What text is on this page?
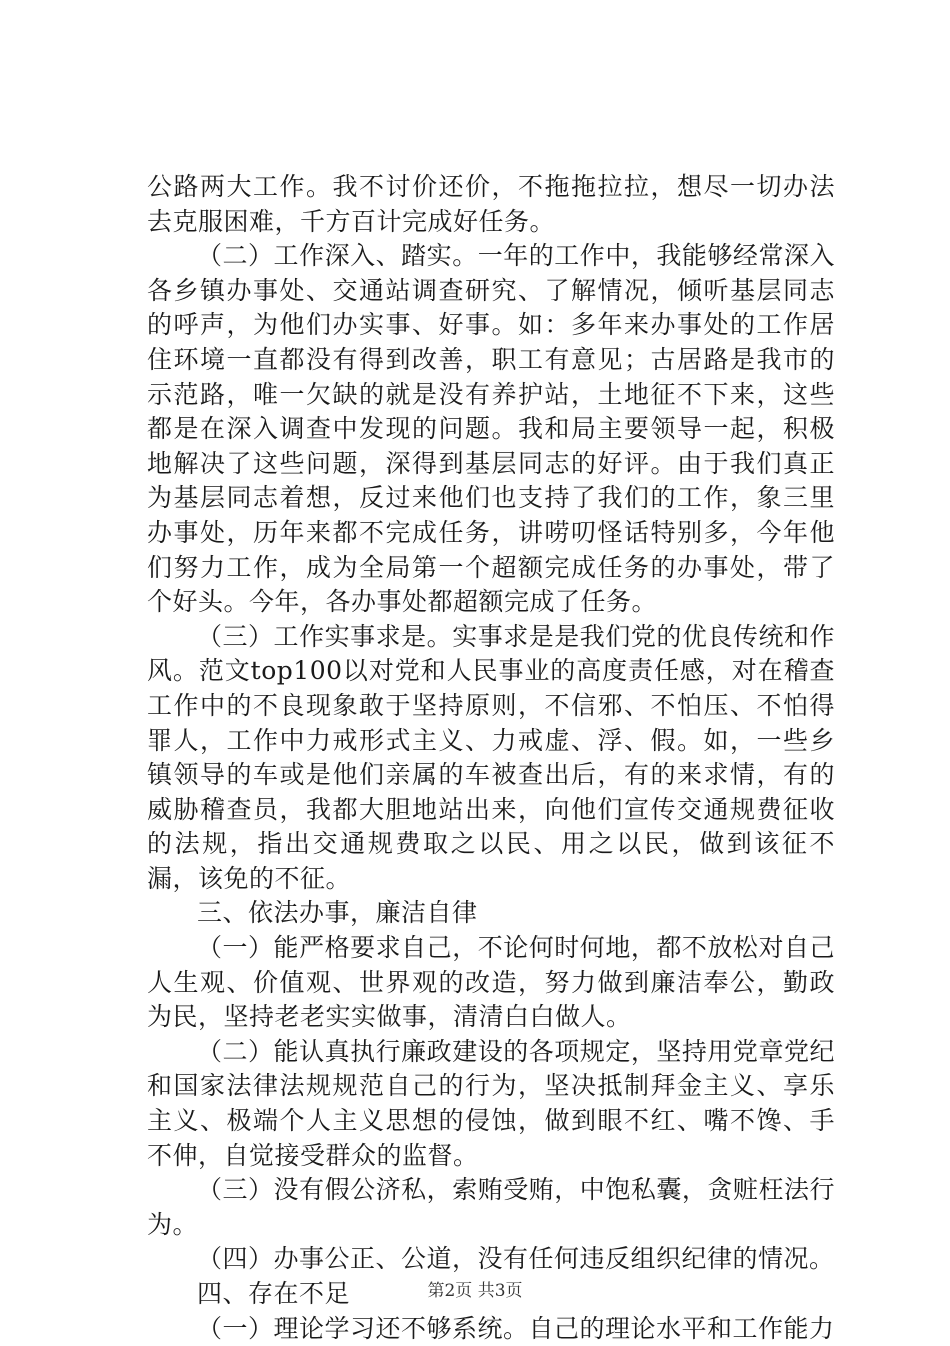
公路两大工作。我不讨价还价，不拖拖拉拉，想尽一切办法去克服困难，千方百计完成好任务。

（二）工作深入、踏实。一年的工作中，我能够经常深入各乡镇办事处、交通站调查研究、了解情况，倾听基层同志的呼声，为他们办实事、好事。如：多年来办事处的工作居住环境一直都没有得到改善，职工有意见；古居路是我市的示范路，唯一欠缺的就是没有养护站，土地征不下来，这些都是在深入调查中发现的问题。我和局主要领导一起，积极地解决了这些问题，深得到基层同志的好评。由于我们真正为基层同志着想，反过来他们也支持了我们的工作，象三里办事处，历年来都不完成任务，讲唠叨怪话特别多，今年他们努力工作，成为全局第一个超额完成任务的办事处，带了个好头。今年，各办事处都超额完成了任务。

（三）工作实事求是。实事求是是我们党的优良传统和作风。范文top100以对党和人民事业的高度责任感，对在稽查工作中的不良现象敢于坚持原则，不信邪、不怕压、不怕得罪人，工作中力戒形式主义、力戒虚、浮、假。如，一些乡镇领导的车或是他们亲属的车被查出后，有的来求情，有的威胁稽查员，我都大胆地站出来，向他们宣传交通规费征收的法规，指出交通规费取之以民、用之以民，做到该征不漏，该免的不征。

三、依法办事，廉洁自律

（一）能严格要求自己，不论何时何地，都不放松对自己人生观、价值观、世界观的改造，努力做到廉洁奉公，勤政为民，坚持老老实实做事，清清白白做人。

（二）能认真执行廉政建设的各项规定，坚持用党章党纪和国家法律法规规范自己的行为，坚决抵制拜金主义、享乐主义、极端个人主义思想的侵蚀，做到眼不红、嘴不馋、手不伸，自觉接受群众的监督。

（三）没有假公济私，索贿受贿，中饱私囊，贪赃枉法行为。

（四）办事公正、公道，没有任何违反组织纪律的情况。

四、存在不足

（一）理论学习还不够系统。自己的理论水平和工作能力

第2页 共3页
